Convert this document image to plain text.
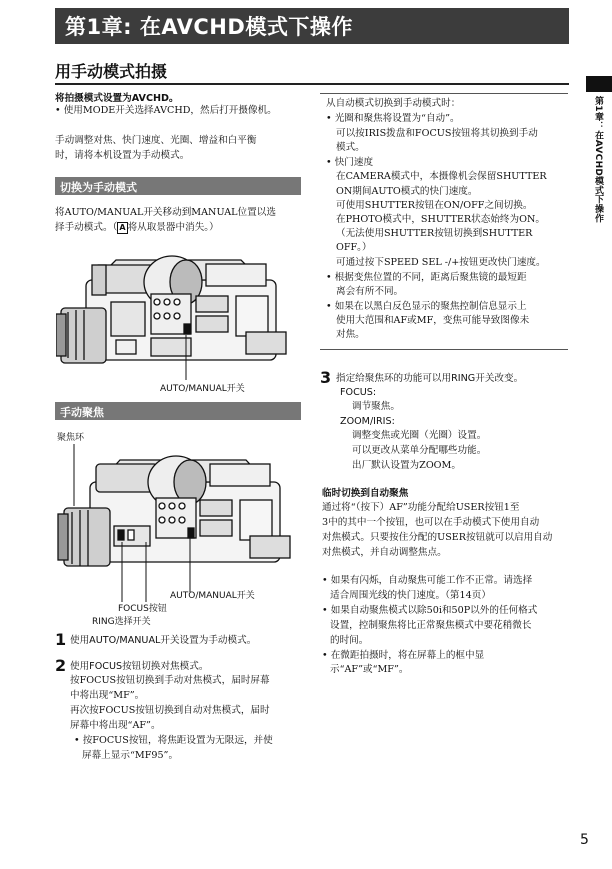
第1章: 在AVCHD模式下操作
用手动模式拍摄
第1章：在AVCHD模式下操作
将拍摄模式设置为AVCHD。
• 使用MODE开关选择AVCHD，然后打开摄像机。
手动调整对焦、快门速度、光圈、增益和白平衡
时，请将本机设置为手动模式。
切换为手动模式
将AUTO/MANUAL开关移动到MANUAL位置以选
择手动模式。（ A 将从取景器中消失。）
AUTO/MANUAL开关
手动聚焦
聚焦环
AUTO/MANUAL开关
FOCUS按钮
RING选择开关
1 使用AUTO/MANUAL开关设置为手动模式。
2 使用FOCUS按钮切换对焦模式。
按FOCUS按钮切换到手动对焦模式，届时屏幕
中将出现“MF”。
再次按FOCUS按钮切换到自动对焦模式，届时
屏幕中将出现“AF”。
• 按FOCUS按钮，将焦距设置为无限远，并使
屏幕上显示“MF95”。
从自动模式切换到手动模式时：
• 光圈和聚焦将设置为“自动”。
可以按IRIS拨盘和FOCUS按钮将其切换到手动
模式。
• 快门速度
在CAMERA模式中，本摄像机会保留SHUTTER
ON期间AUTO模式的快门速度。
可使用SHUTTER按钮在ON/OFF之间切换。
在PHOTO模式中，SHUTTER状态始终为ON。
（无法使用SHUTTER按钮切换到SHUTTER
OFF。）
可通过按下SPEED SEL -/+按钮更改快门速度。
• 根据变焦位置的不同，距离后聚焦镜的最短距
离会有所不同。
• 如果在以黑白反色显示的聚焦控制信息显示上
使用大范围和AF或MF，变焦可能导致图像未
对焦。
3 指定给聚焦环的功能可以用RING开关改变。
FOCUS:
调节聚焦。
ZOOM/IRIS:
调整变焦或光圈（光圈）设置。
可以更改从菜单分配哪些功能。
出厂默认设置为ZOOM。
临时切换到自动聚焦
通过将“（按下）AF”功能分配给USER按钮1至
3中的其中一个按钮，也可以在手动模式下使用自动
对焦模式。只要按住分配的USER按钮就可以启用自动
对焦模式，并自动调整焦点。
• 如果有闪烁，自动聚焦可能工作不正常。请选择
适合周围光线的快门速度。（第14页）
• 如果自动聚焦模式以除50i和50P以外的任何格式
设置，控制聚焦将比正常聚焦模式中要花稍微长
的时间。
• 在微距拍摄时，将在屏幕上的框中显
示“AF”或“MF”。
5
